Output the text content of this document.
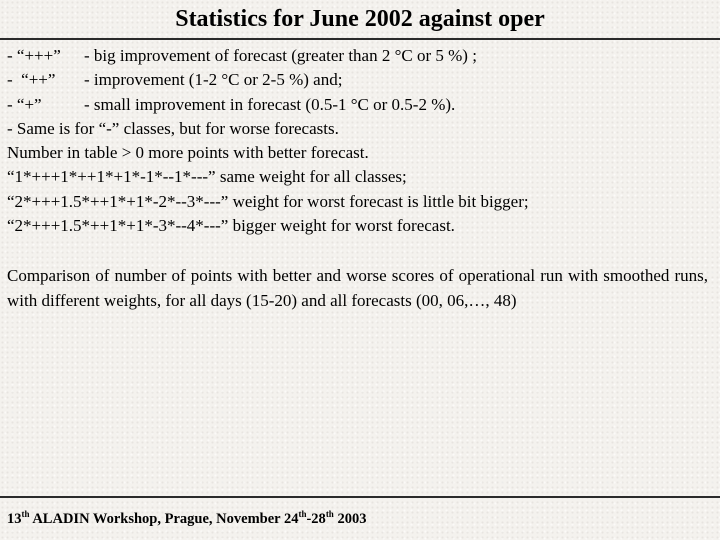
Statistics for June 2002 against oper
- “+++”	- big improvement of forecast (greater than 2 °C or 5 %) ;
-  “++”	- improvement (1-2 °C or 2-5 %) and;
- “+”	- small improvement in forecast (0.5-1 °C or 0.5-2 %).
- Same is for “-” classes, but for worse forecasts.
Number in table > 0 more points with better forecast.
“1*+++1*++1*+1*-1*--1*---” same weight for all classes;
“2*+++1.5*++1*+1*-2*--3*---” weight for worst forecast is little bit bigger;
“2*+++1.5*++1*+1*-3*--4*---” bigger weight for worst forecast.
Comparison of number of points with better and worse scores of operational run with smoothed runs, with different weights, for all days (15-20) and all forecasts (00, 06,…, 48)
13th ALADIN Workshop, Prague, November 24th-28th 2003
